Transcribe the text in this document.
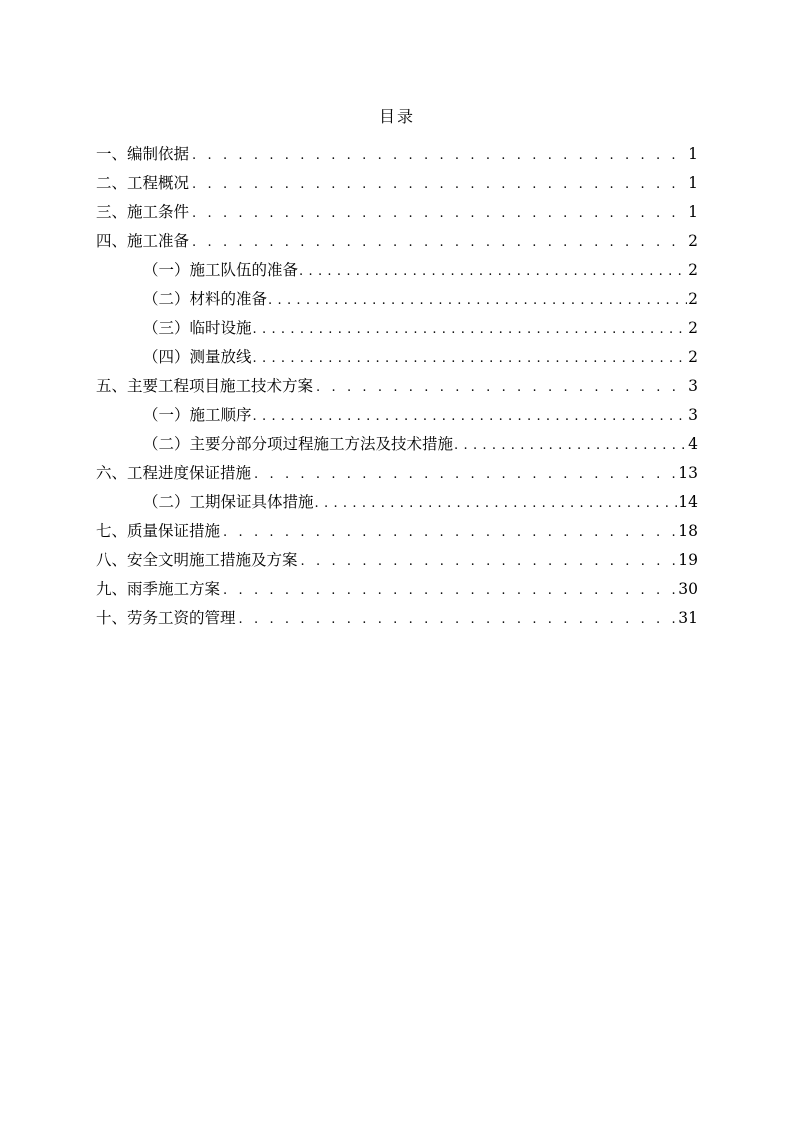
目录
一、编制依据 . . .	1
二、工程概况 . . .	1
三、施工条件 . . .	1
四、施工准备 . . .	2
（一）施工队伍的准备 . . .	2
（二）材料的准备 . . .	2
（三）临时设施 . . .	2
（四）测量放线 . . .	2
五、主要工程项目施工技术方案 . . .	3
（一）施工顺序 . . .	3
（二）主要分部分项过程施工方法及技术措施 . . .	4
六、工程进度保证措施 . . .	13
（二）工期保证具体措施 . . .	14
七、质量保证措施 . . .	18
八、安全文明施工措施及方案 . . .	19
九、雨季施工方案 . . .	30
十、劳务工资的管理 . . .	31
